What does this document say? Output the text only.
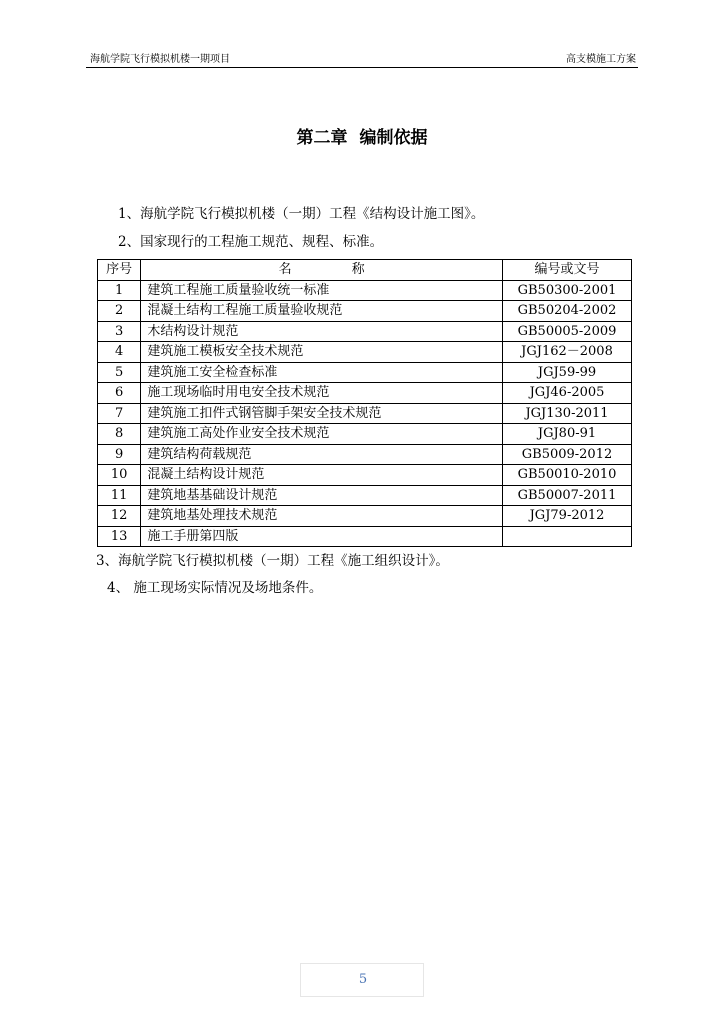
海航学院飞行模拟机楼一期项目	高支模施工方案
第二章 编制依据
1、海航学院飞行模拟机楼（一期）工程《结构设计施工图》。
2、国家现行的工程施工规范、规程、标准。
序号	名 称	编号或文号
1	建筑工程施工质量验收统一标准	GB50300-2001
2	混凝土结构工程施工质量验收规范	GB50204-2002
3	木结构设计规范	GB50005-2009
4	建筑施工模板安全技术规范	JGJ162－2008
5	建筑施工安全检查标准	JGJ59-99
6	施工现场临时用电安全技术规范	JGJ46-2005
7	建筑施工扣件式钢管脚手架安全技术规范	JGJ130-2011
8	建筑施工高处作业安全技术规范	JGJ80-91
9	建筑结构荷载规范	GB5009-2012
10	混凝土结构设计规范	GB50010-2010
11	建筑地基基础设计规范	GB50007-2011
12	建筑地基处理技术规范	JGJ79-2012
13	施工手册第四版	
3、海航学院飞行模拟机楼（一期）工程《施工组织设计》。
4、 施工现场实际情况及场地条件。
5
